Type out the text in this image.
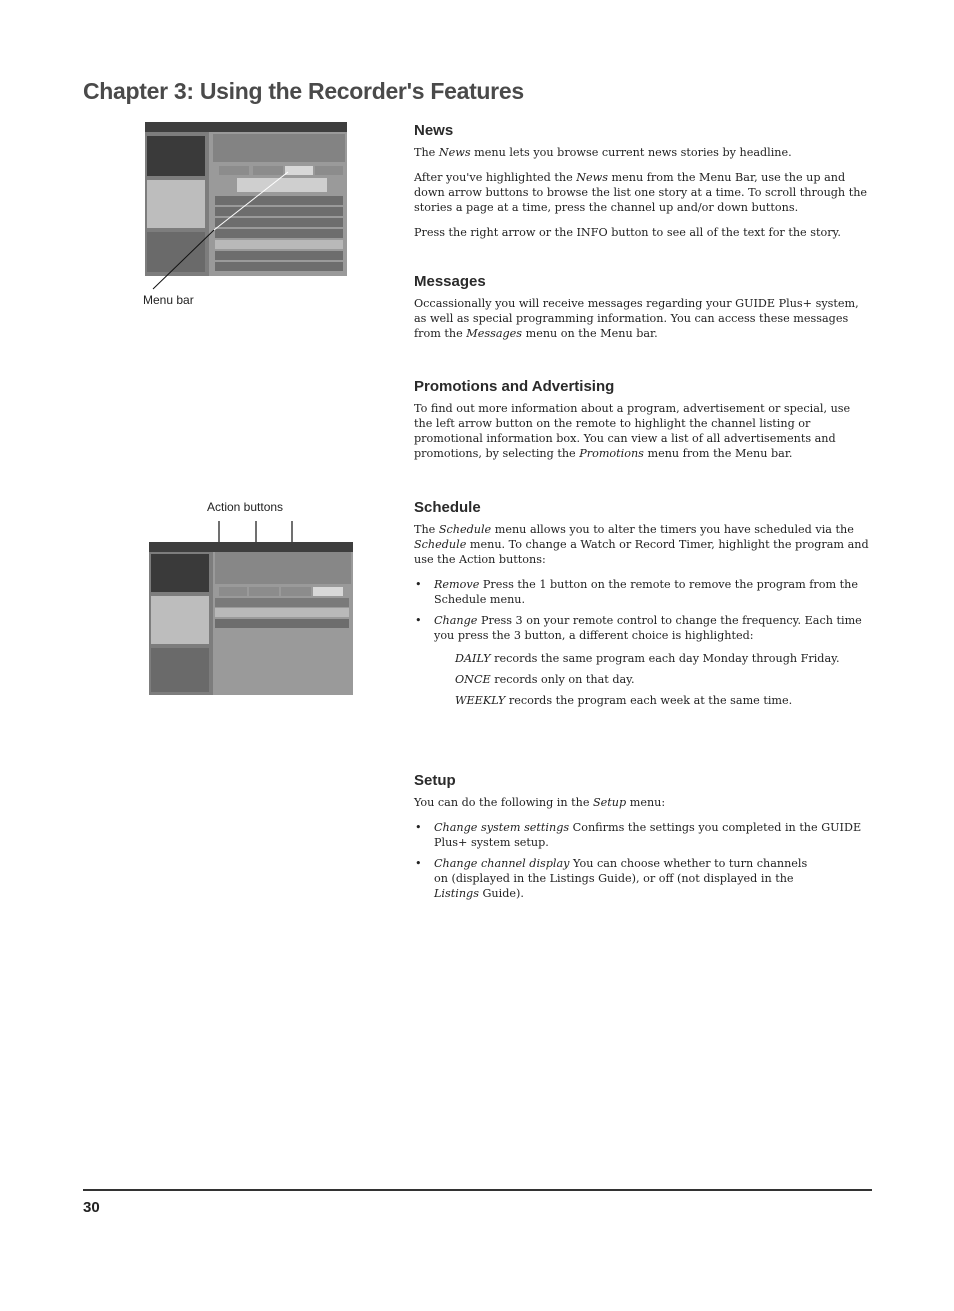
Chapter 3: Using the Recorder's Features
Menu bar
Action buttons
News

The News menu lets you browse current news stories by headline.

After you've highlighted the News menu from the Menu Bar, use the up and down arrow buttons to browse the list one story at a time. To scroll through the stories a page at a time, press the channel up and/or down buttons.

Press the right arrow or the INFO button to see all of the text for the story.

Messages

Occassionally you will receive messages regarding your GUIDE Plus+ system, as well as special programming information. You can access these messages from the Messages menu on the Menu bar.

Promotions and Advertising

To find out more information about a program, advertisement or special, use the left arrow button on the remote to highlight the channel listing or promotional information box. You can view a list of all advertisements and promotions, by selecting the Promotions menu from the Menu bar.

Schedule

The Schedule menu allows you to alter the timers you have scheduled via the Schedule menu. To change a Watch or Record Timer, highlight the program and use the Action buttons:

• Remove Press the 1 button on the remote to remove the program from the Schedule menu.
• Change Press 3 on your remote control to change the frequency. Each time you press the 3 button, a different choice is highlighted:
DAILY records the same program each day Monday through Friday.
ONCE records only on that day.
WEEKLY records the program each week at the same time.
Setup

You can do the following in the Setup menu:

• Change system settings Confirms the settings you completed in the GUIDE Plus+ system setup.
• Change channel display You can choose whether to turn channels on (displayed in the Listings Guide), or off (not displayed in the Listings Guide).
30
